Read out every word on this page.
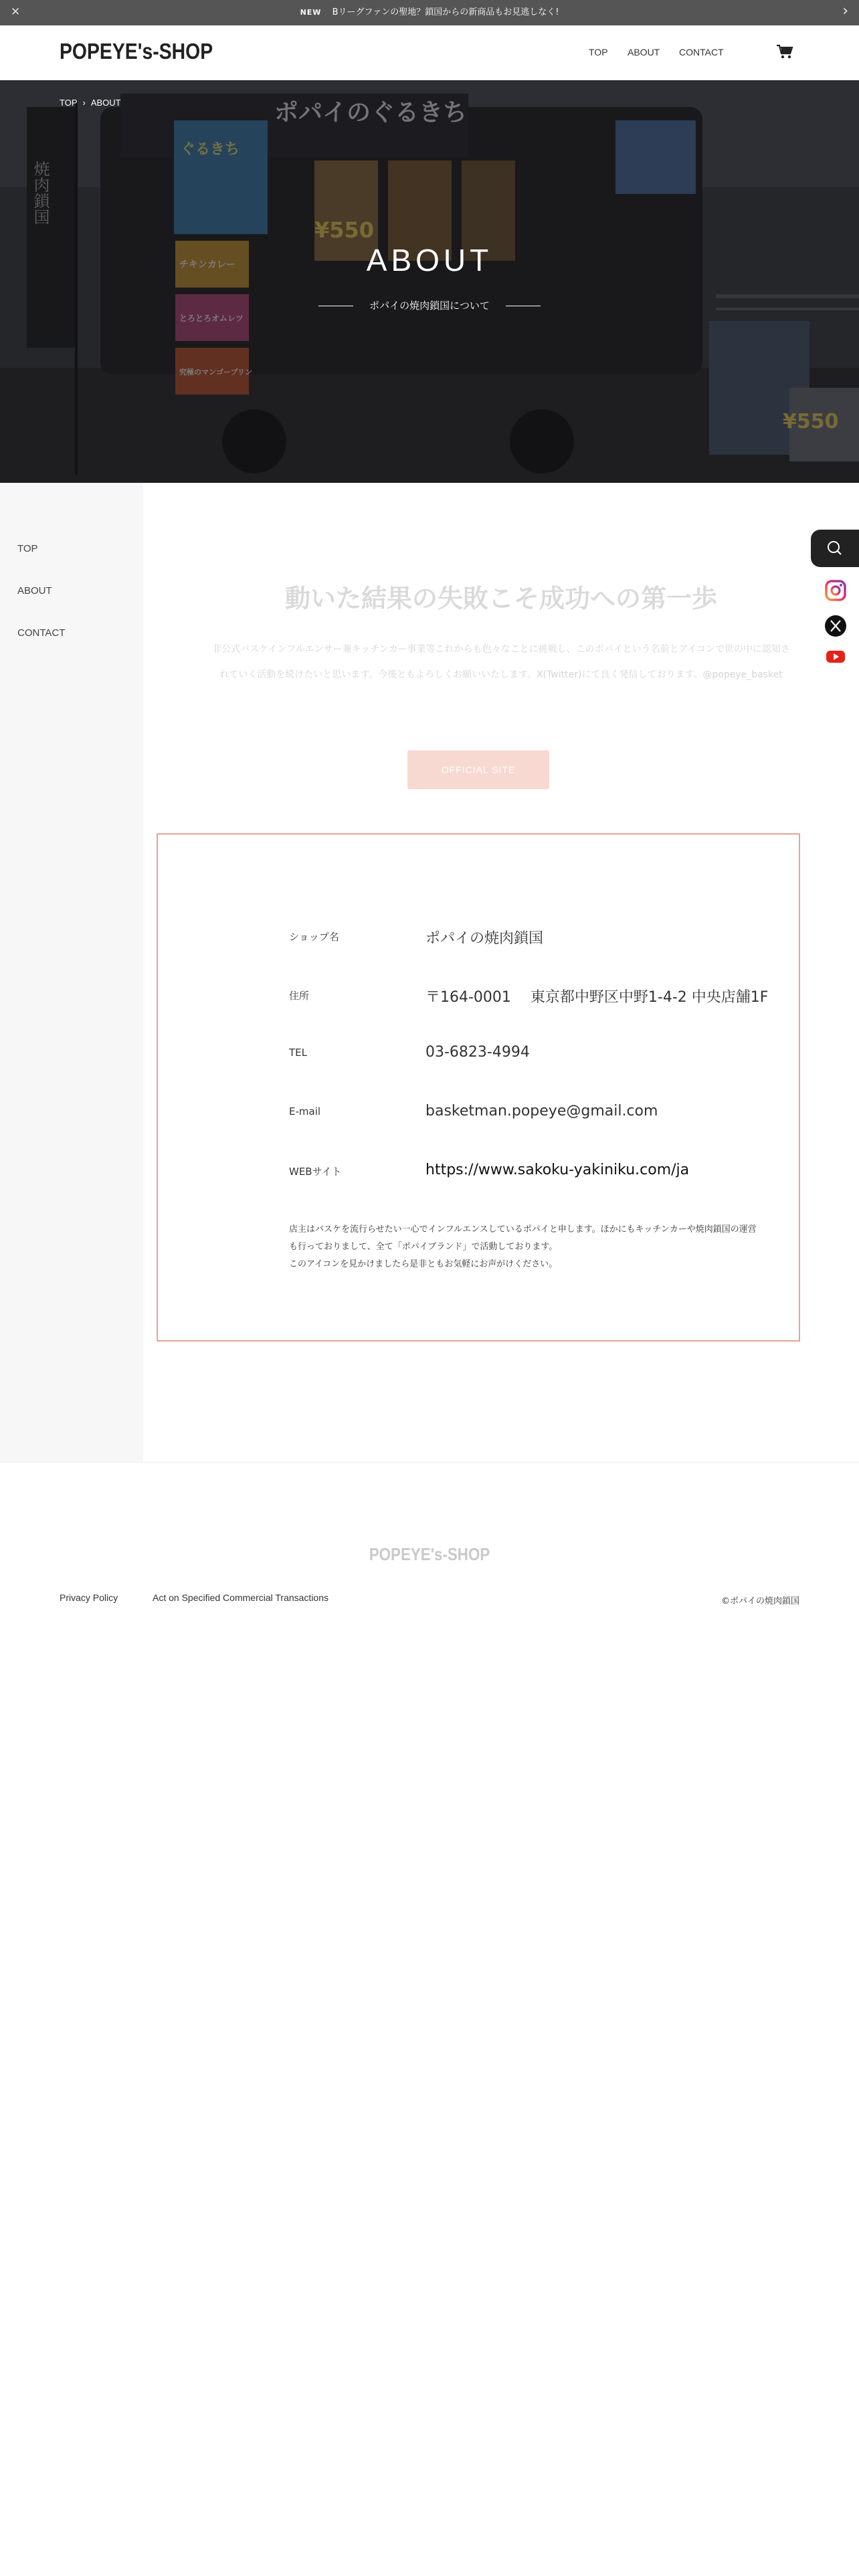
✕	NEW Bリーグファンの聖地？鎖国からの新商品もお見逃しなく!	›
POPEYE's-SHOP	TOP ABOUT CONTACT
TOP › ABOUT
ABOUT
ポパイの焼肉鎖国について
TOP
ABOUT
CONTACT
動いた結果の失敗こそ成功への第一歩
非公式バスケインフルエンサー兼キッチンカー事業等これからも色々なことに挑戦し、このポパイという名前とアイコンで世の中に認知されていく活動を続けたいと思います。今後ともよろしくお願いいたします。X(Twitter)にて良く発信しております。@popeye_basket
OFFICIAL SITE
ショップ名	ポパイの焼肉鎖国
住所	〒164-0001　 東京都中野区中野1-4-2 中央店舗1F
TEL	03-6823-4994
E-mail	basketman.popeye@gmail.com
WEBサイト	https://www.sakoku-yakiniku.com/ja
店主はバスケを流行らせたい一心でインフルエンスしているポパイと申します。ほかにもキッチンカーや焼肉鎖国の運営
も行っておりまして、全て「ポパイブランド」で活動しております。
このアイコンを見かけましたら是非ともお気軽にお声がけください。
POPEYE's-SHOP
Privacy Policy	Act on Specified Commercial Transactions	©ポパイの焼肉鎖国
